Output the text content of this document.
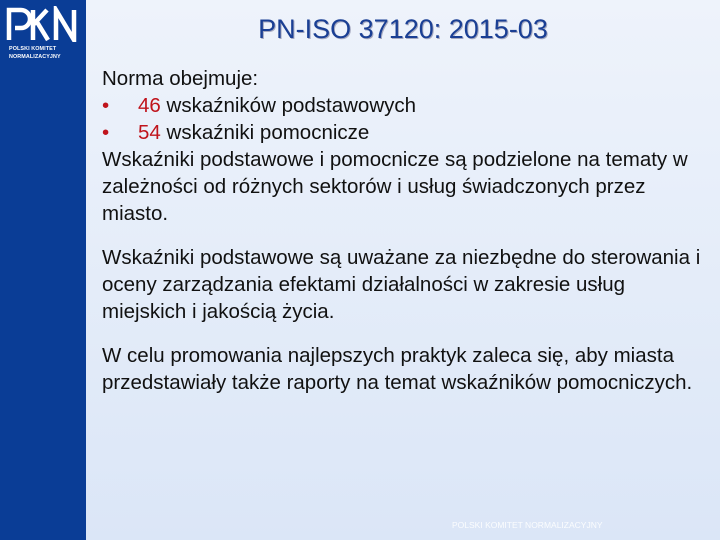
POLSKI KOMITET
NORMALIZACYJNY
PN-ISO 37120: 2015-03

Norma obejmuje:

• 46 wskaźników podstawowych
• 54 wskaźniki pomocnicze

Wskaźniki podstawowe i pomocnicze są podzielone na tematy w zależności od różnych sektorów i usług świadczonych przez miasto.

Wskaźniki podstawowe są uważane za niezbędne do sterowania i oceny zarządzania efektami działalności w zakresie usług miejskich i jakością życia.

W celu promowania najlepszych praktyk zaleca się, aby miasta przedstawiały także raporty na temat wskaźników pomocniczych.

POLSKI KOMITET NORMALIZACYJNY
